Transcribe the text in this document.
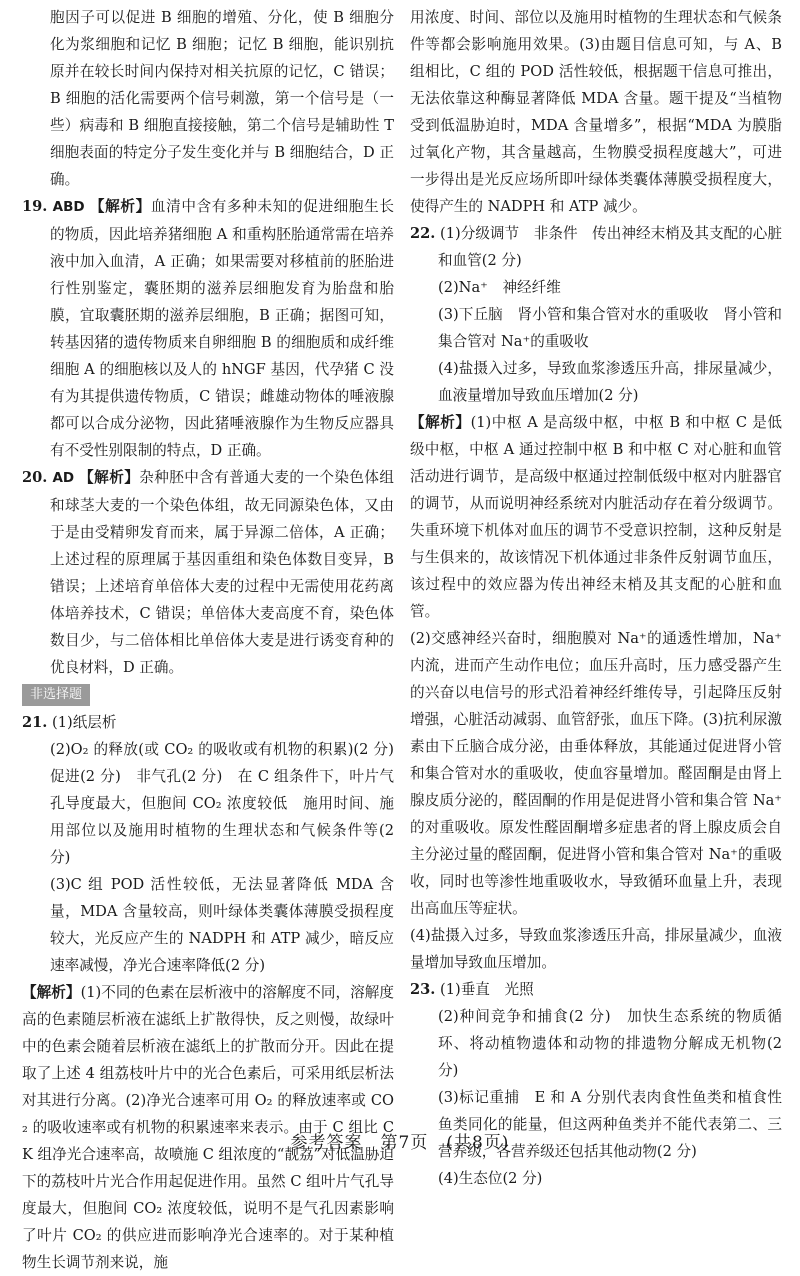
胞因子可以促进 B 细胞的增殖、分化，使 B 细胞分化为浆细胞和记忆 B 细胞；记忆 B 细胞，能识别抗原并在较长时间内保持对相关抗原的记忆，C 错误；B 细胞的活化需要两个信号刺激，第一个信号是（一些）病毒和 B 细胞直接接触，第二个信号是辅助性 T 细胞表面的特定分子发生变化并与 B 细胞结合，D 正确。

19. ABD 【解析】血清中含有多种未知的促进细胞生长的物质，因此培养猪细胞 A 和重构胚胎通常需在培养液中加入血清，A 正确；如果需要对移植前的胚胎进行性别鉴定，囊胚期的滋养层细胞发育为胎盘和胎膜，宜取囊胚期的滋养层细胞，B 正确；据图可知，转基因猪的遗传物质来自卵细胞 B 的细胞质和成纤维细胞 A 的细胞核以及人的 hNGF 基因，代孕猪 C 没有为其提供遗传物质，C 错误；雌雄动物体的唾液腺都可以合成分泌物，因此猪唾液腺作为生物反应器具有不受性别限制的特点，D 正确。

20. AD 【解析】杂种胚中含有普通大麦的一个染色体组和球茎大麦的一个染色体组，故无同源染色体，又由于是由受精卵发育而来，属于异源二倍体，A 正确；上述过程的原理属于基因重组和染色体数目变异，B 错误；上述培育单倍体大麦的过程中无需使用花药离体培养技术，C 错误；单倍体大麦高度不育，染色体数目少，与二倍体相比单倍体大麦是进行诱变育种的优良材料，D 正确。

非选择题

21. (1)纸层析

(2)O₂ 的释放(或 CO₂ 的吸收或有机物的积累)(2 分)　促进(2 分)　非气孔(2 分)　在 C 组条件下，叶片气孔导度最大，但胞间 CO₂ 浓度较低　施用时间、施用部位以及施用时植物的生理状态和气候条件等(2 分)

(3)C 组 POD 活性较低，无法显著降低 MDA 含量，MDA 含量较高，则叶绿体类囊体薄膜受损程度较大，光反应产生的 NADPH 和 ATP 减少，暗反应速率减慢，净光合速率降低(2 分)

【解析】(1)不同的色素在层析液中的溶解度不同，溶解度高的色素随层析液在滤纸上扩散得快，反之则慢，故绿叶中的色素会随着层析液在滤纸上的扩散而分开。因此在提取了上述 4 组荔枝叶片中的光合色素后，可采用纸层析法对其进行分离。(2)净光合速率可用 O₂ 的释放速率或 CO₂ 的吸收速率或有机物的积累速率来表示。由于 C 组比 CK 组净光合速率高，故喷施 C 组浓度的“靓荔”对低温胁迫下的荔枝叶片光合作用起促进作用。虽然 C 组叶片气孔导度最大，但胞间 CO₂ 浓度较低，说明不是气孔因素影响了叶片 CO₂ 的供应进而影响净光合速率的。对于某种植物生长调节剂来说，施

用浓度、时间、部位以及施用时植物的生理状态和气候条件等都会影响施用效果。(3)由题目信息可知，与 A、B 组相比，C 组的 POD 活性较低，根据题干信息可推出，无法依靠这种酶显著降低 MDA 含量。题干提及“当植物受到低温胁迫时，MDA 含量增多”，根据“MDA 为膜脂过氧化产物，其含量越高，生物膜受损程度越大”，可进一步得出是光反应场所即叶绿体类囊体薄膜受损程度大，使得产生的 NADPH 和 ATP 减少。

22. (1)分级调节　非条件　传出神经末梢及其支配的心脏和血管(2 分)

(2)Na⁺　神经纤维

(3)下丘脑　肾小管和集合管对水的重吸收　肾小管和集合管对 Na⁺的重吸收

(4)盐摄入过多，导致血浆渗透压升高，排尿量减少，血液量增加导致血压增加(2 分)

【解析】(1)中枢 A 是高级中枢，中枢 B 和中枢 C 是低级中枢，中枢 A 通过控制中枢 B 和中枢 C 对心脏和血管活动进行调节，是高级中枢通过控制低级中枢对内脏器官的调节，从而说明神经系统对内脏活动存在着分级调节。失重环境下机体对血压的调节不受意识控制，这种反射是与生俱来的，故该情况下机体通过非条件反射调节血压，该过程中的效应器为传出神经末梢及其支配的心脏和血管。

(2)交感神经兴奋时，细胞膜对 Na⁺的通透性增加，Na⁺内流，进而产生动作电位；血压升高时，压力感受器产生的兴奋以电信号的形式沿着神经纤维传导，引起降压反射增强，心脏活动减弱、血管舒张，血压下降。(3)抗利尿激素由下丘脑合成分泌，由垂体释放，其能通过促进肾小管和集合管对水的重吸收，使血容量增加。醛固酮是由肾上腺皮质分泌的，醛固酮的作用是促进肾小管和集合管 Na⁺的对重吸收。原发性醛固酮增多症患者的肾上腺皮质会自主分泌过量的醛固酮，促进肾小管和集合管对 Na⁺的重吸收，同时也等渗性地重吸收水，导致循环血量上升，表现出高血压等症状。

(4)盐摄入过多，导致血浆渗透压升高，排尿量减少，血液量增加导致血压增加。

23. (1)垂直　光照

(2)种间竞争和捕食(2 分)　加快生态系统的物质循环、将动植物遗体和动物的排遗物分解成无机物(2 分)

(3)标记重捕　E 和 A 分别代表肉食性鱼类和植食性鱼类同化的能量，但这两种鱼类并不能代表第二、三营养级，各营养级还包括其他动物(2 分)

(4)生态位(2 分)

参考答案　第7页　(共8页)
